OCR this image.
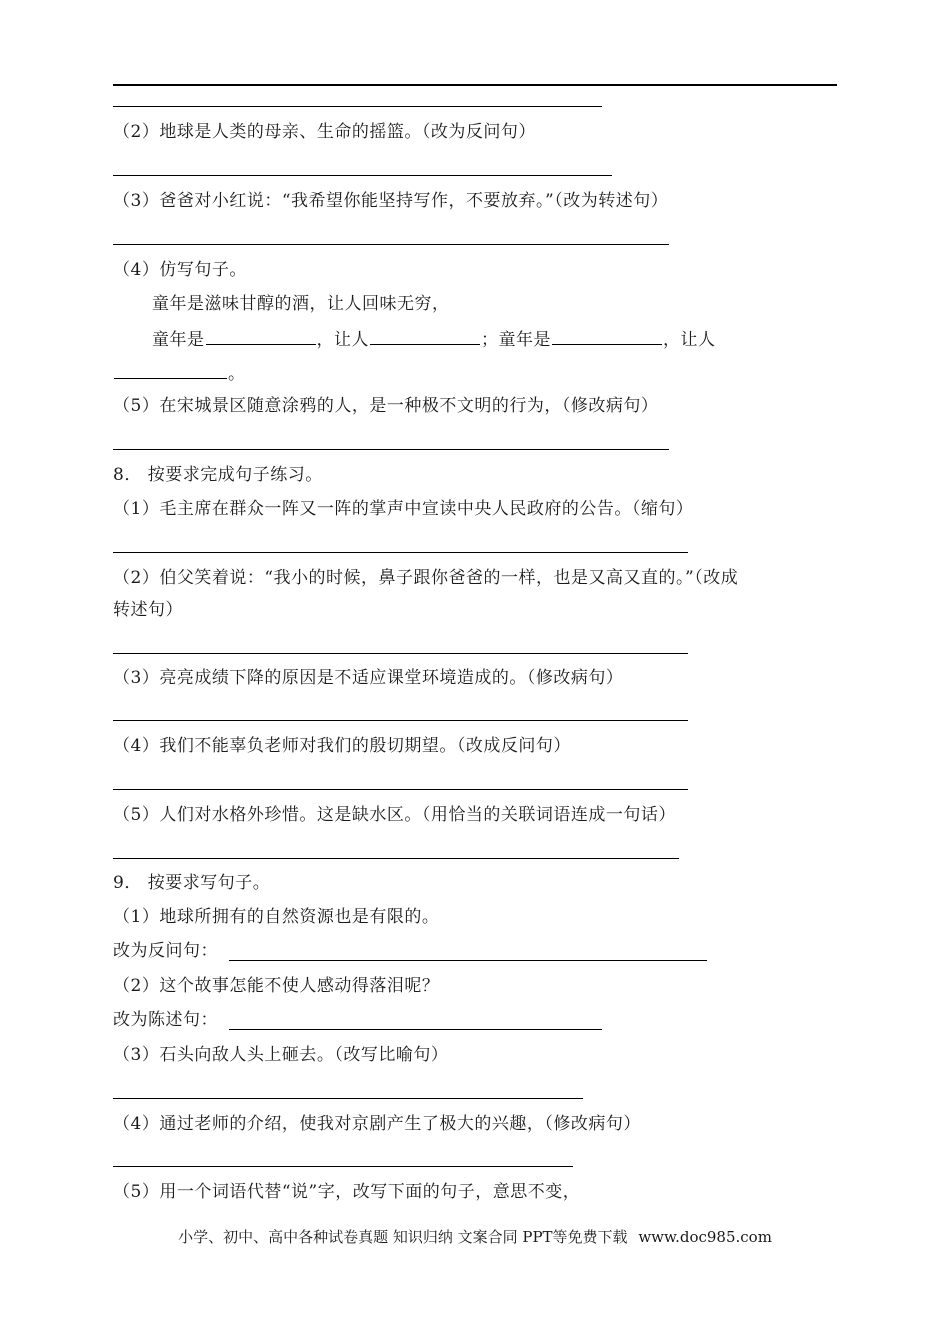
（2）地球是人类的母亲、生命的摇篮。（改为反问句）
（3）爸爸对小红说：“我希望你能坚持写作，不要放弃。”（改为转述句）
（4）仿写句子。
童年是滋味甘醇的酒，让人回味无穷，
童年是	，让人	；童年是	，让人
。
（5）在宋城景区随意涂鸦的人，是一种极不文明的行为，（修改病句）
8． 按要求完成句子练习。
（1）毛主席在群众一阵又一阵的掌声中宣读中央人民政府的公告。（缩句）
（2）伯父笑着说：“我小的时候，鼻子跟你爸爸的一样，也是又高又直的。”（改成
转述句）
（3）亮亮成绩下降的原因是不适应课堂环境造成的。（修改病句）
（4）我们不能辜负老师对我们的殷切期望。（改成反问句）
（5）人们对水格外珍惜。这是缺水区。（用恰当的关联词语连成一句话）
9． 按要求写句子。
（1）地球所拥有的自然资源也是有限的。
改为反问句：
（2）这个故事怎能不使人感动得落泪呢？
改为陈述句：
（3）石头向敌人头上砸去。（改写比喻句）
（4）通过老师的介绍，使我对京剧产生了极大的兴趣，（修改病句）
（5）用一个词语代替“说”字，改写下面的句子，意思不变，
小学、初中、高中各种试卷真题 知识归纳 文案合同 PPT等免费下载 www.doc985.com
